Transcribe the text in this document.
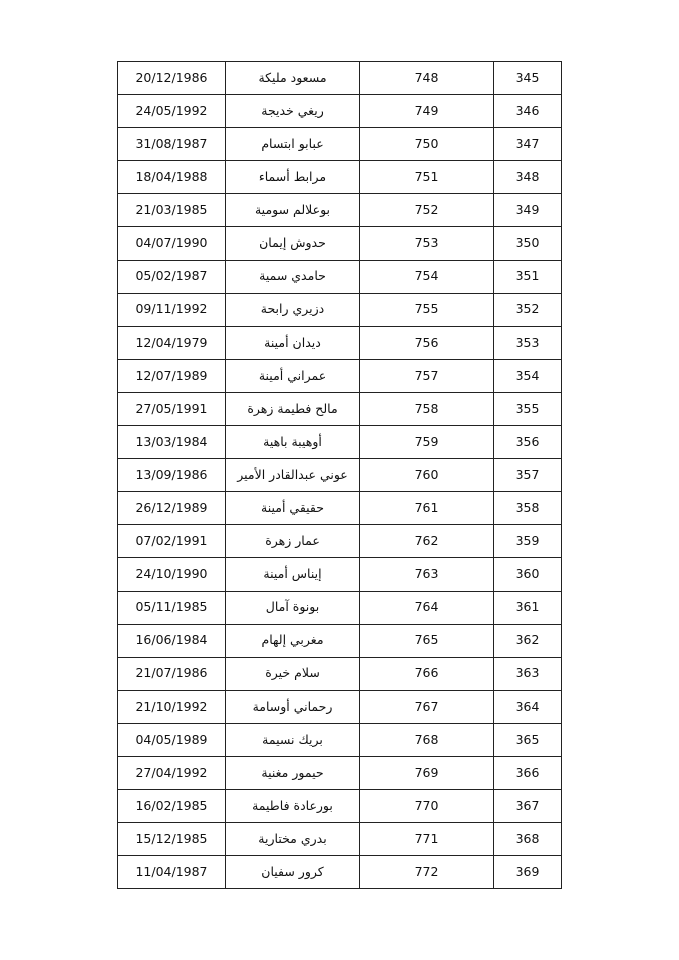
20/12/1986	مسعود مليكة	748	345
24/05/1992	ريغي خديجة	749	346
31/08/1987	عبابو ابتسام	750	347
18/04/1988	مرابط أسماء	751	348
21/03/1985	بوعلالم سومية	752	349
04/07/1990	حدوش إيمان	753	350
05/02/1987	حامدي سمية	754	351
09/11/1992	دزيري رابحة	755	352
12/04/1979	ديدان أمينة	756	353
12/07/1989	عمراني أمينة	757	354
27/05/1991	مالح فطيمة زهرة	758	355
13/03/1984	أوهيبة باهية	759	356
13/09/1986	عوني عبدالقادر الأمير	760	357
26/12/1989	حقيقي أمينة	761	358
07/02/1991	عمار زهرة	762	359
24/10/1990	إيناس أمينة	763	360
05/11/1985	بونوة آمال	764	361
16/06/1984	مغربي إلهام	765	362
21/07/1986	سلام خيرة	766	363
21/10/1992	رحماني أوسامة	767	364
04/05/1989	بريك نسيمة	768	365
27/04/1992	حيمور مغنية	769	366
16/02/1985	بورعادة فاطيمة	770	367
15/12/1985	بدري مختارية	771	368
11/04/1987	كرور سفيان	772	369
